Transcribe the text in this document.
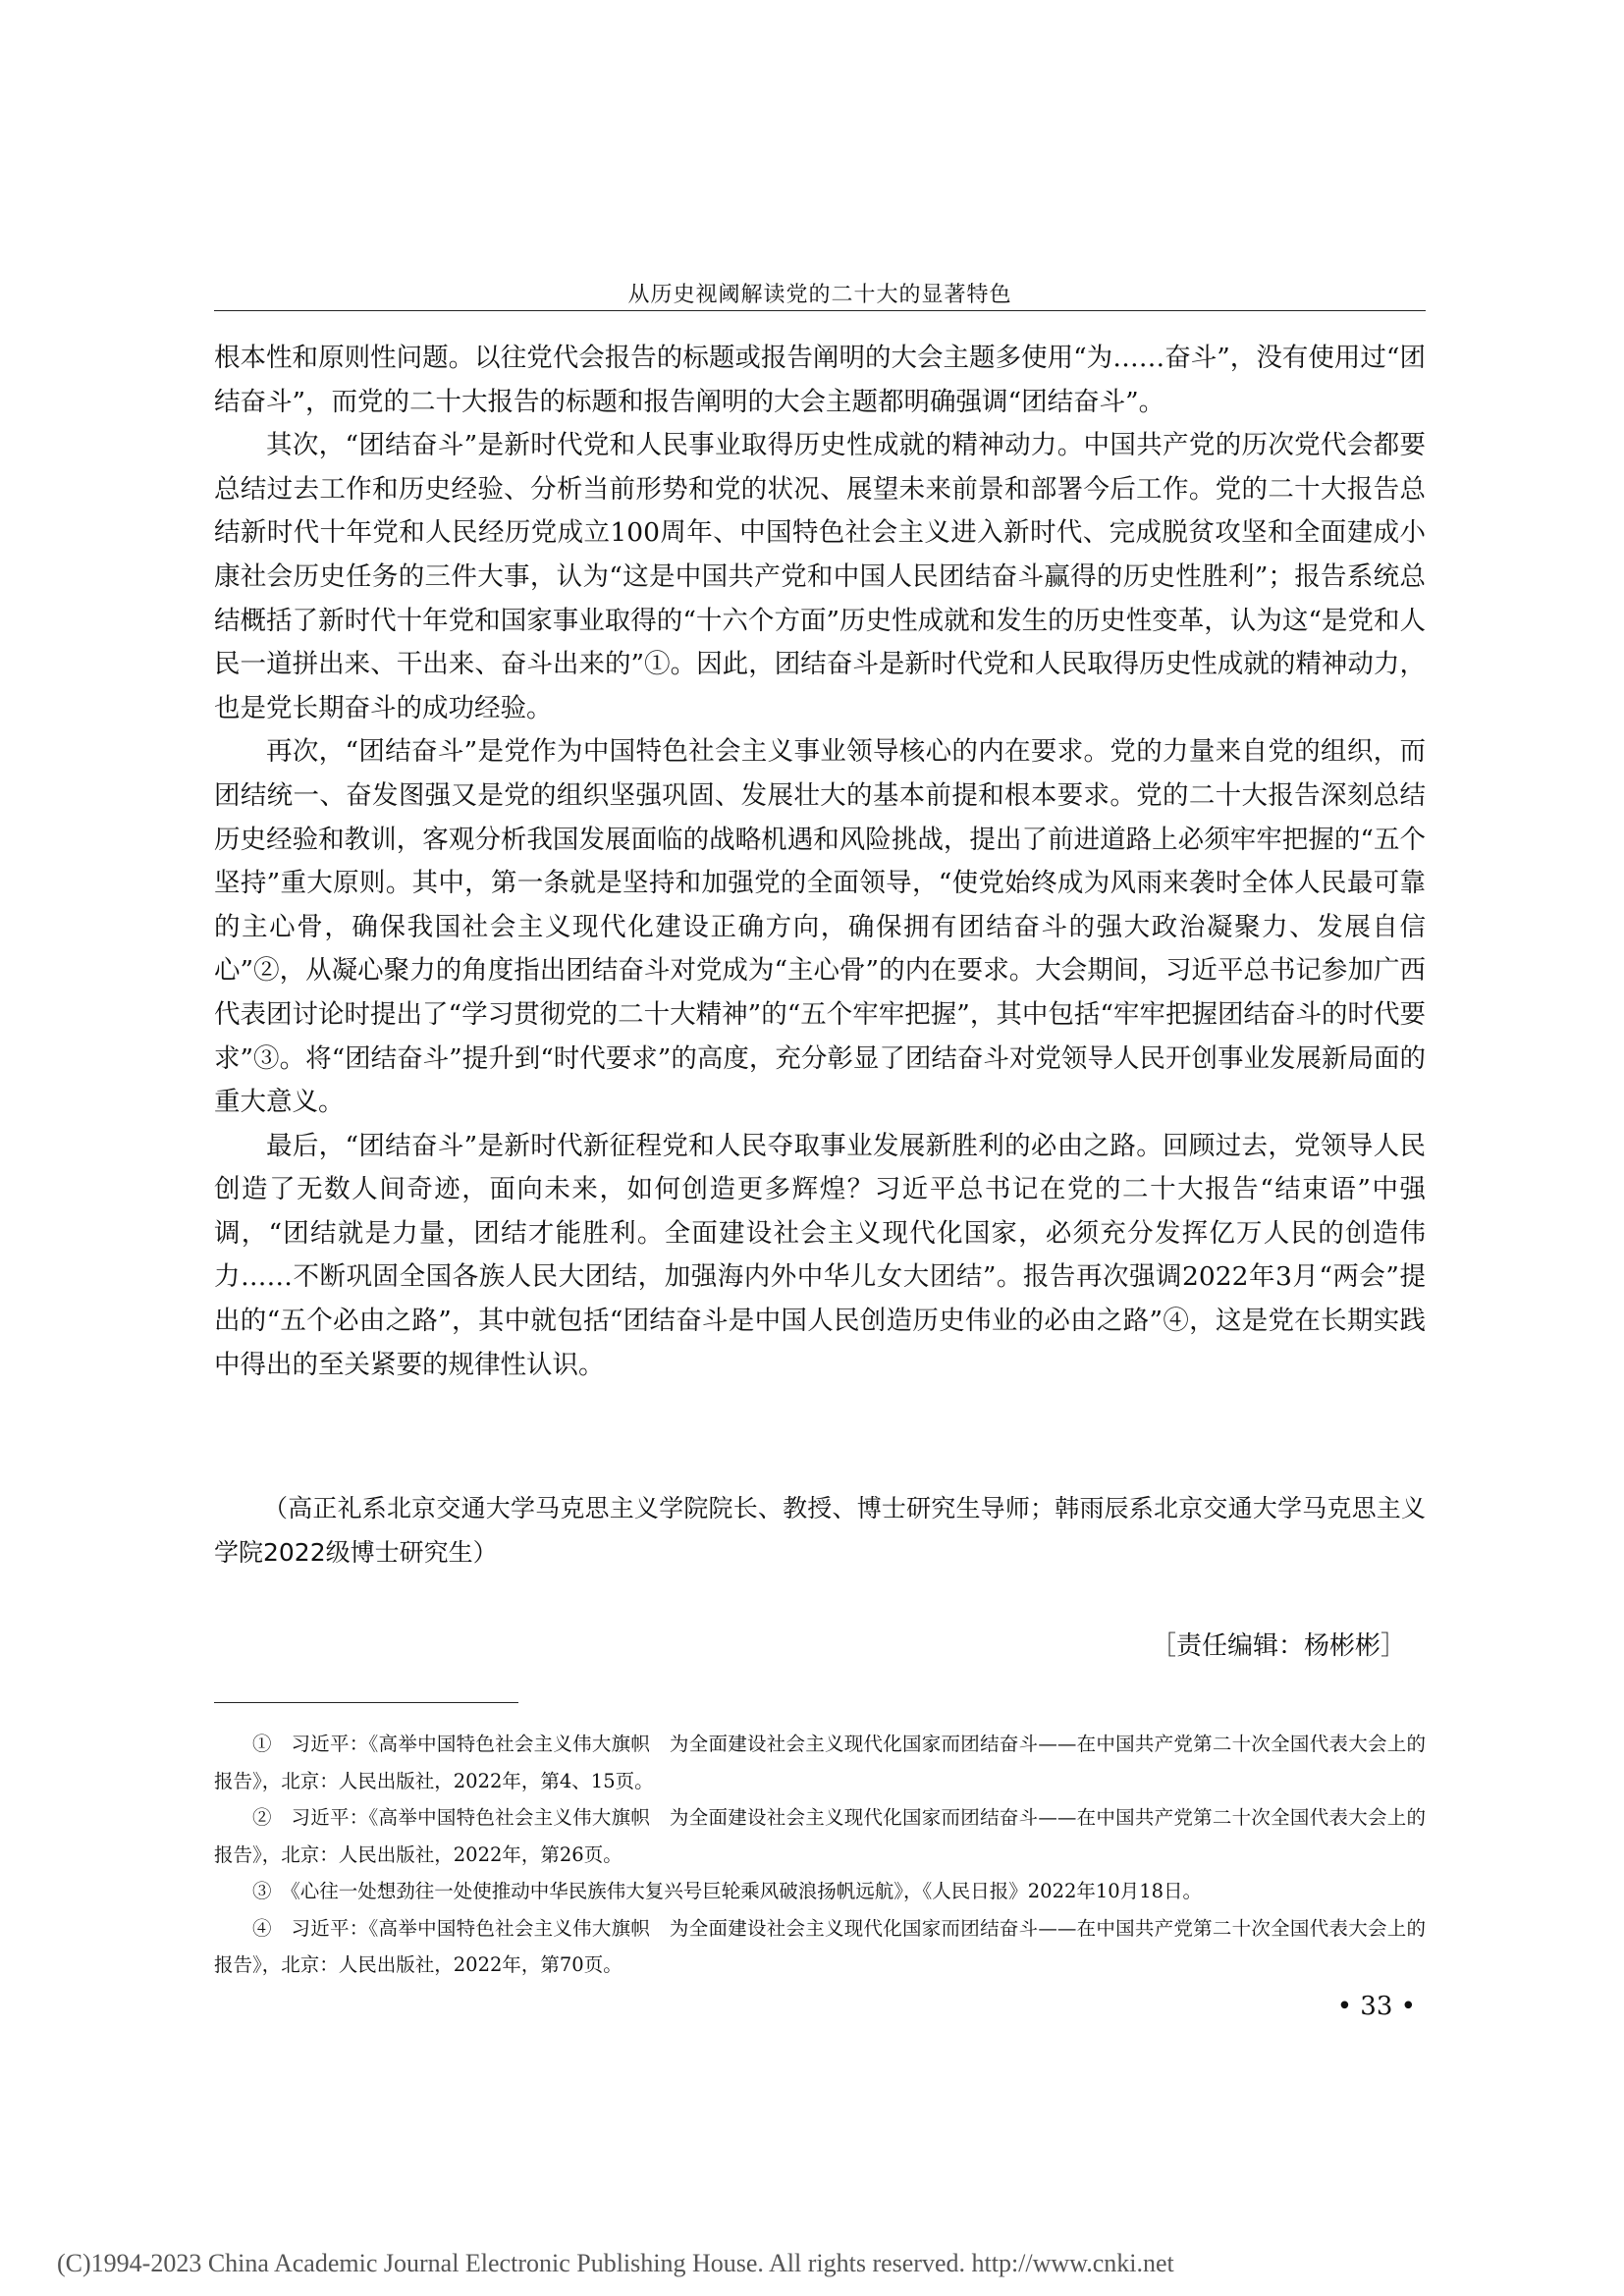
从历史视阈解读党的二十大的显著特色

根本性和原则性问题。以往党代会报告的标题或报告阐明的大会主题多使用“为……奋斗”，没有使用过“团结奋斗”，而党的二十大报告的标题和报告阐明的大会主题都明确强调“团结奋斗”。

其次，“团结奋斗”是新时代党和人民事业取得历史性成就的精神动力。中国共产党的历次党代会都要总结过去工作和历史经验、分析当前形势和党的状况、展望未来前景和部署今后工作。党的二十大报告总结新时代十年党和人民经历党成立100周年、中国特色社会主义进入新时代、完成脱贫攻坚和全面建成小康社会历史任务的三件大事，认为“这是中国共产党和中国人民团结奋斗赢得的历史性胜利”；报告系统总结概括了新时代十年党和国家事业取得的“十六个方面”历史性成就和发生的历史性变革，认为这“是党和人民一道拼出来、干出来、奋斗出来的”①。因此，团结奋斗是新时代党和人民取得历史性成就的精神动力，也是党长期奋斗的成功经验。

再次，“团结奋斗”是党作为中国特色社会主义事业领导核心的内在要求。党的力量来自党的组织，而团结统一、奋发图强又是党的组织坚强巩固、发展壮大的基本前提和根本要求。党的二十大报告深刻总结历史经验和教训，客观分析我国发展面临的战略机遇和风险挑战，提出了前进道路上必须牢牢把握的“五个坚持”重大原则。其中，第一条就是坚持和加强党的全面领导，“使党始终成为风雨来袭时全体人民最可靠的主心骨，确保我国社会主义现代化建设正确方向，确保拥有团结奋斗的强大政治凝聚力、发展自信心”②，从凝心聚力的角度指出团结奋斗对党成为“主心骨”的内在要求。大会期间，习近平总书记参加广西代表团讨论时提出了“学习贯彻党的二十大精神”的“五个牢牢把握”，其中包括“牢牢把握团结奋斗的时代要求”③。将“团结奋斗”提升到“时代要求”的高度，充分彰显了团结奋斗对党领导人民开创事业发展新局面的重大意义。

最后，“团结奋斗”是新时代新征程党和人民夺取事业发展新胜利的必由之路。回顾过去，党领导人民创造了无数人间奇迹，面向未来，如何创造更多辉煌？习近平总书记在党的二十大报告“结束语”中强调，“团结就是力量，团结才能胜利。全面建设社会主义现代化国家，必须充分发挥亿万人民的创造伟力……不断巩固全国各族人民大团结，加强海内外中华儿女大团结”。报告再次强调2022年3月“两会”提出的“五个必由之路”，其中就包括“团结奋斗是中国人民创造历史伟业的必由之路”④，这是党在长期实践中得出的至关紧要的规律性认识。

（高正礼系北京交通大学马克思主义学院院长、教授、博士研究生导师；韩雨辰系北京交通大学马克思主义学院2022级博士研究生）
［责任编辑：杨彬彬］

①　习近平：《高举中国特色社会主义伟大旗帜　为全面建设社会主义现代化国家而团结奋斗——在中国共产党第二十次全国代表大会上的报告》，北京：人民出版社，2022年，第4、15页。

②　习近平：《高举中国特色社会主义伟大旗帜　为全面建设社会主义现代化国家而团结奋斗——在中国共产党第二十次全国代表大会上的报告》，北京：人民出版社，2022年，第26页。

③　《心往一处想劲往一处使推动中华民族伟大复兴号巨轮乘风破浪扬帆远航》，《人民日报》2022年10月18日。

④　习近平：《高举中国特色社会主义伟大旗帜　为全面建设社会主义现代化国家而团结奋斗——在中国共产党第二十次全国代表大会上的报告》，北京：人民出版社，2022年，第70页。

• 33 •
(C)1994-2023 China Academic Journal Electronic Publishing House. All rights reserved. http://www.cnki.net
